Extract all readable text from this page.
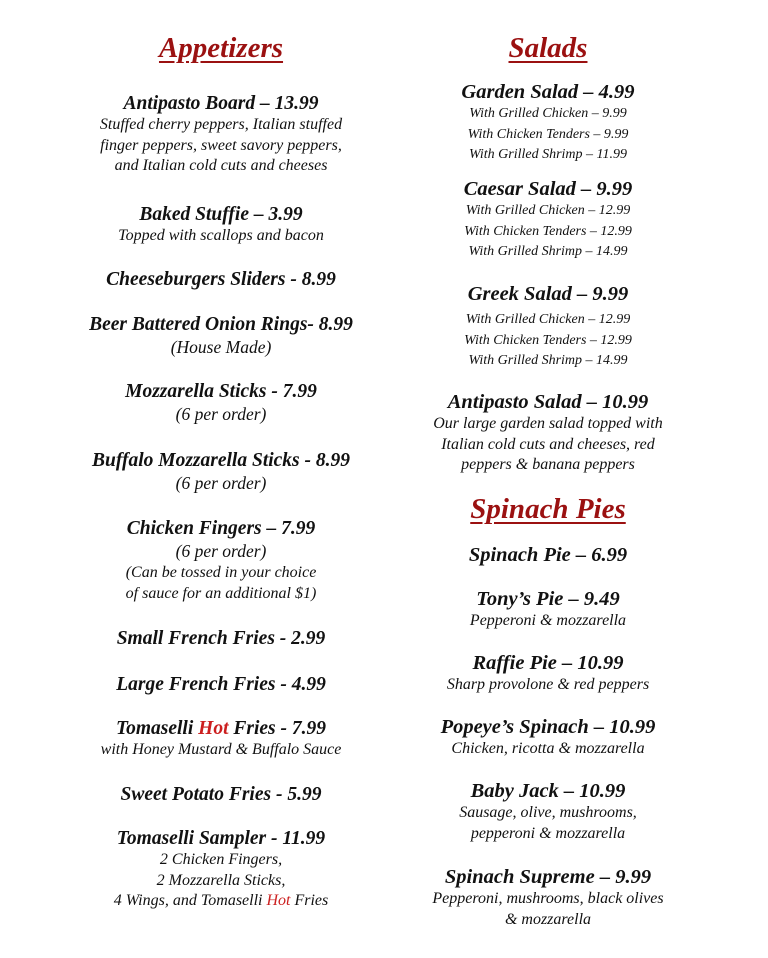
Appetizers
Antipasto Board – 13.99
Stuffed cherry peppers, Italian stuffed
finger peppers, sweet savory peppers,
and Italian cold cuts and cheeses
Baked Stuffie – 3.99
Topped with scallops and bacon
Cheeseburgers Sliders - 8.99
Beer Battered Onion Rings- 8.99
(House Made)
Mozzarella Sticks - 7.99
(6 per order)
Buffalo Mozzarella Sticks - 8.99
(6 per order)
Chicken Fingers – 7.99
(6 per order)
(Can be tossed in your choice
of sauce for an additional $1)
Small French Fries - 2.99
Large French Fries - 4.99
Tomaselli Hot Fries - 7.99
with Honey Mustard & Buffalo Sauce
Sweet Potato Fries - 5.99
Tomaselli Sampler - 11.99
2 Chicken Fingers,
2 Mozzarella Sticks,
4 Wings, and Tomaselli Hot Fries
Salads
Garden Salad – 4.99
With Grilled Chicken – 9.99
With Chicken Tenders – 9.99
With Grilled Shrimp – 11.99
Caesar Salad – 9.99
With Grilled Chicken – 12.99
With Chicken Tenders – 12.99
With Grilled Shrimp – 14.99
Greek Salad – 9.99
With Grilled Chicken – 12.99
With Chicken Tenders – 12.99
With Grilled Shrimp – 14.99
Antipasto Salad – 10.99
Our large garden salad topped with
Italian cold cuts and cheeses, red
peppers & banana peppers
Spinach Pies
Spinach Pie – 6.99
Tony’s Pie – 9.49
Pepperoni & mozzarella
Raffie Pie – 10.99
Sharp provolone & red peppers
Popeye’s Spinach – 10.99
Chicken, ricotta & mozzarella
Baby Jack – 10.99
Sausage, olive, mushrooms,
pepperoni & mozzarella
Spinach Supreme – 9.99
Pepperoni, mushrooms, black olives
& mozzarella
